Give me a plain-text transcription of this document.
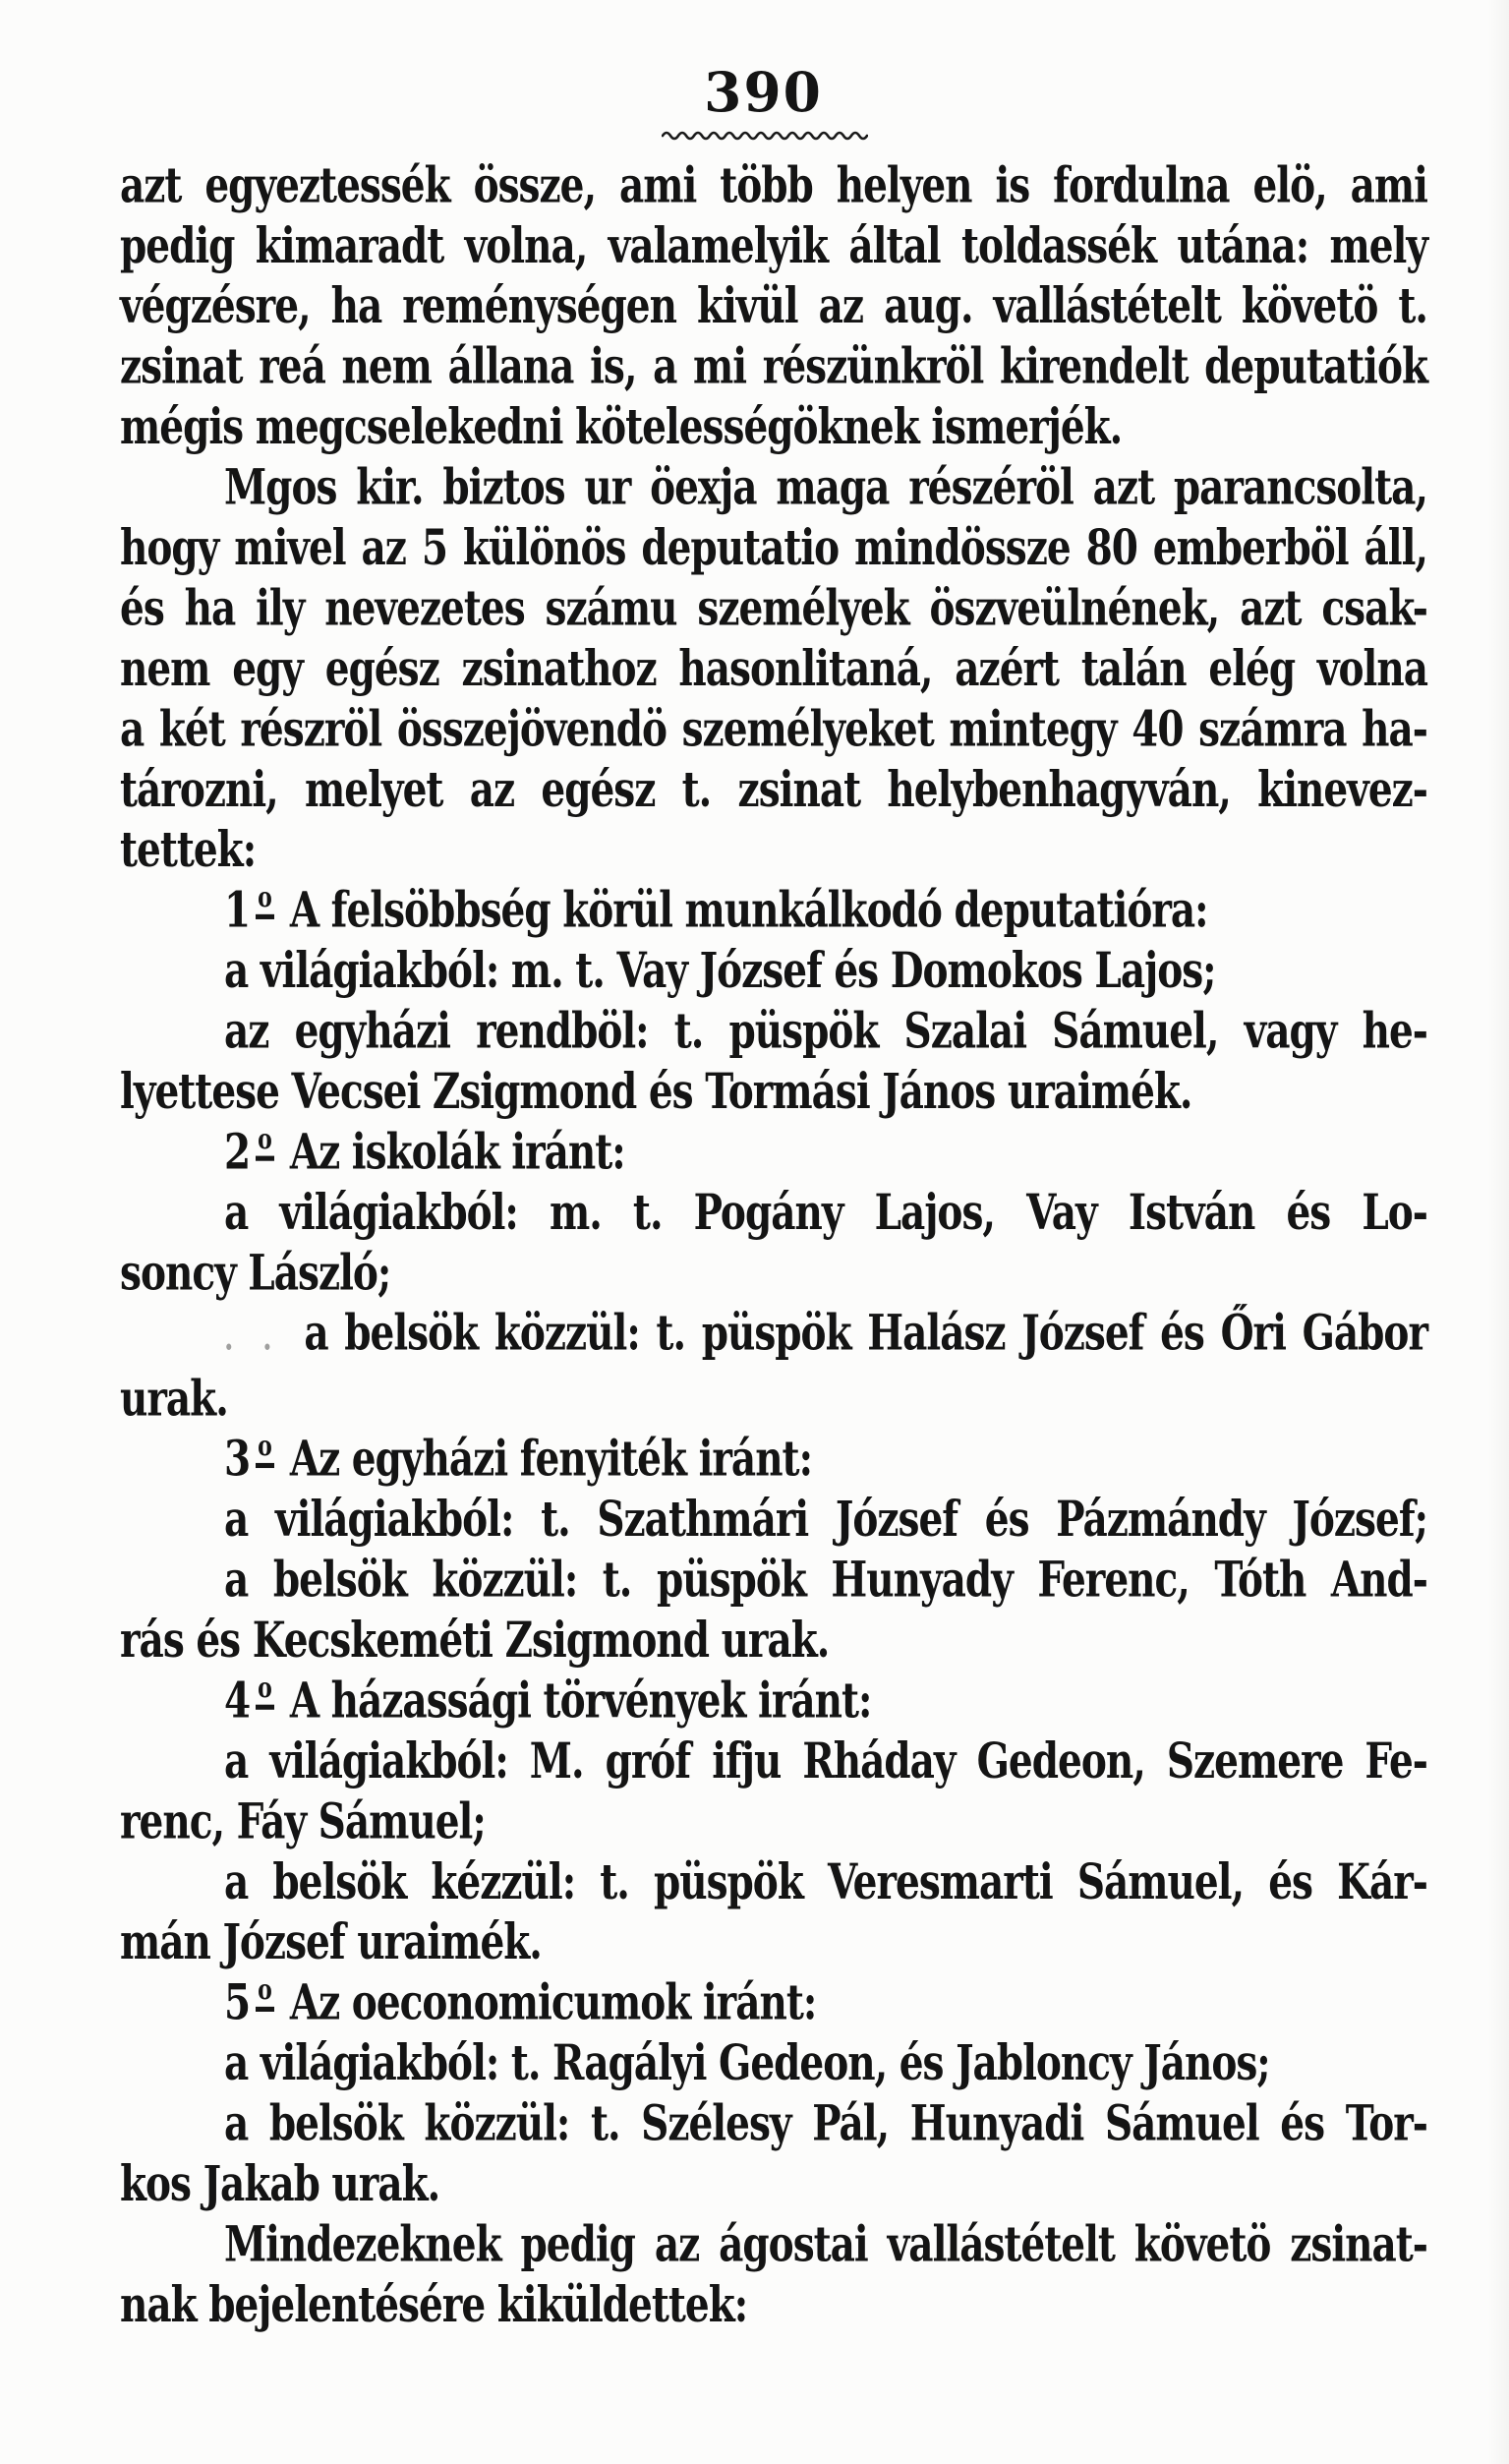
390
azt egyeztessék össze, ami több helyen is fordulna elö, ami
pedig kimaradt volna, valamelyik által toldassék utána: mely
végzésre, ha reménységen kivül az aug. vallástételt követö t.
zsinat reá nem állana is, a mi részünkröl kirendelt deputatiók
mégis megcselekedni kötelességöknek ismerjék.
Mgos kir. biztos ur öexja maga részéröl azt parancsolta,
hogy mivel az 5 különös deputatio mindössze 80 emberböl áll,
és ha ily nevezetes számu személyek öszveülnének, azt csak-
nem egy egész zsinathoz hasonlitaná, azért talán elég volna
a két részröl összejövendö személyeket mintegy 40 számra ha-
tározni, melyet az egész t. zsinat helybenhagyván, kinevez-
tettek:
1 o A felsöbbség körül munkálkodó deputatióra:
a világiakból: m. t. Vay József és Domokos Lajos;
az egyházi rendböl: t. püspök Szalai Sámuel, vagy he-
lyettese Vecsei Zsigmond és Tormási János uraimék.
2 o Az iskolák iránt:
a világiakból: m. t. Pogány Lajos, Vay István és Lo-
soncy László;
. . a belsök közzül: t. püspök Halász József és Őri Gábor
urak.
3 o Az egyházi fenyiték iránt:
a világiakból: t. Szathmári József és Pázmándy József;
a belsök közzül: t. püspök Hunyady Ferenc, Tóth And-
rás és Kecskeméti Zsigmond urak.
4 o A házassági törvények iránt:
a világiakból: M. gróf ifju Rháday Gedeon, Szemere Fe-
renc, Fáy Sámuel;
a belsök kézzül: t. püspök Veresmarti Sámuel, és Kár-
mán József uraimék.
5 o Az oeconomicumok iránt:
a világiakból: t. Ragályi Gedeon, és Jabloncy János;
a belsök közzül: t. Szélesy Pál, Hunyadi Sámuel és Tor-
kos Jakab urak.
Mindezeknek pedig az ágostai vallástételt követö zsinat-
nak bejelentésére kiküldettek:
